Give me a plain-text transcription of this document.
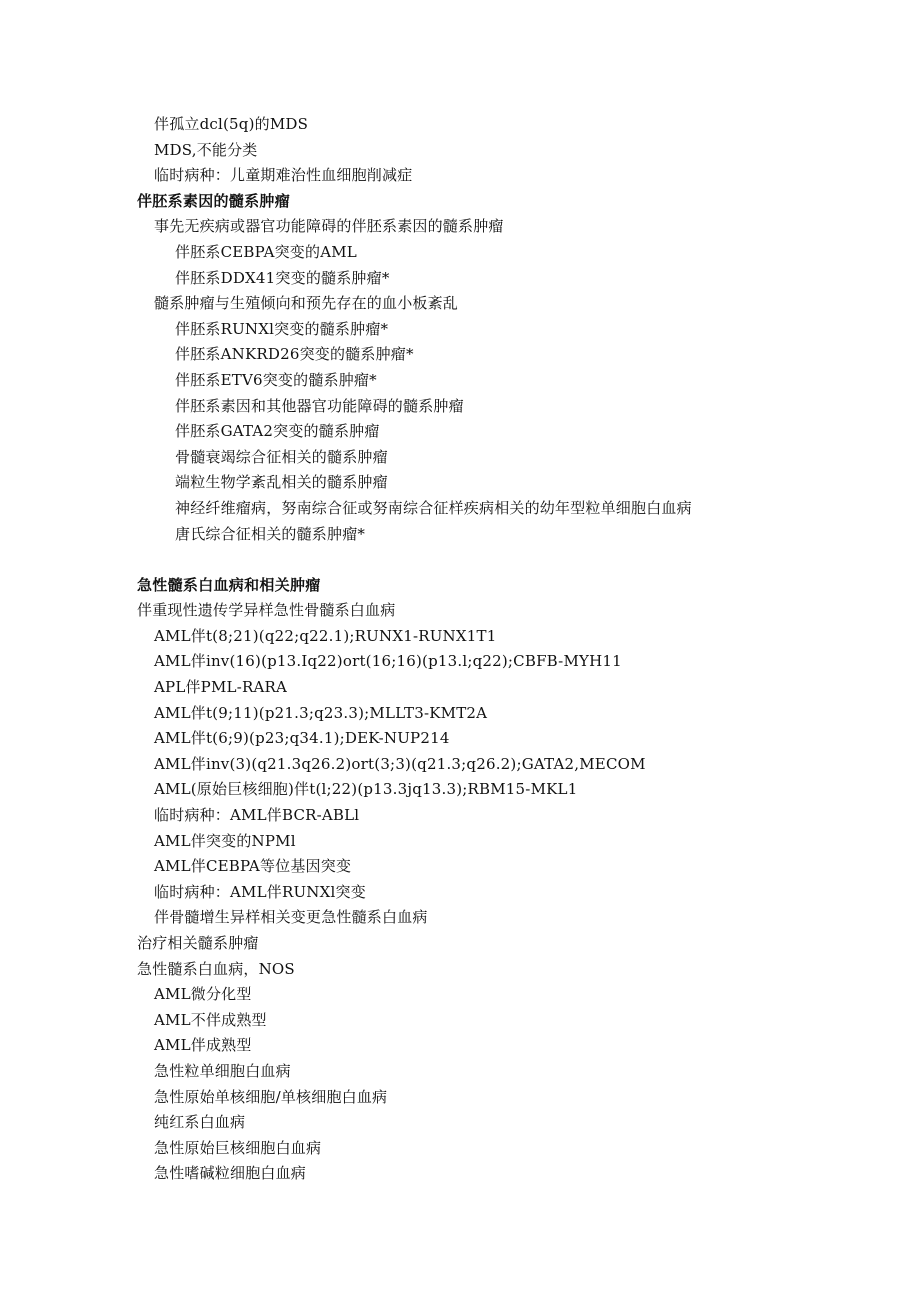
伴孤立dcl(5q)的MDS
MDS,不能分类
临时病种：儿童期难治性血细胞削减症
伴胚系素因的髓系肿瘤
事先无疾病或器官功能障碍的伴胚系素因的髓系肿瘤
伴胚系CEBPA突变的AML
伴胚系DDX41突变的髓系肿瘤*
髓系肿瘤与生殖倾向和预先存在的血小板紊乱
伴胚系RUNXl突变的髓系肿瘤*
伴胚系ANKRD26突变的髓系肿瘤*
伴胚系ETV6突变的髓系肿瘤*
伴胚系素因和其他器官功能障碍的髓系肿瘤
伴胚系GATA2突变的髓系肿瘤
骨髓衰竭综合征相关的髓系肿瘤
端粒生物学紊乱相关的髓系肿瘤
神经纤维瘤病，努南综合征或努南综合征样疾病相关的幼年型粒单细胞白血病
唐氏综合征相关的髓系肿瘤*
急性髓系白血病和相关肿瘤
伴重现性遗传学异样急性骨髓系白血病
AML伴t(8;21)(q22;q22.1);RUNX1-RUNX1T1
AML伴inv(16)(p13.Iq22)ort(16;16)(p13.l;q22);CBFB-MYH11
APL伴PML-RARA
AML伴t(9;11)(p21.3;q23.3);MLLT3-KMT2A
AML伴t(6;9)(p23;q34.1);DEK-NUP214
AML伴inv(3)(q21.3q26.2)ort(3;3)(q21.3;q26.2);GATA2,MECOM
AML(原始巨核细胞)伴t(l;22)(p13.3jq13.3);RBM15-MKL1
临时病种：AML伴BCR-ABLl
AML伴突变的NPMl
AML伴CEBPA等位基因突变
临时病种：AML伴RUNXl突变
伴骨髓增生异样相关变更急性髓系白血病
治疗相关髓系肿瘤
急性髓系白血病，NOS
AML微分化型
AML不伴成熟型
AML伴成熟型
急性粒单细胞白血病
急性原始单核细胞/单核细胞白血病
纯红系白血病
急性原始巨核细胞白血病
急性嗜碱粒细胞白血病
